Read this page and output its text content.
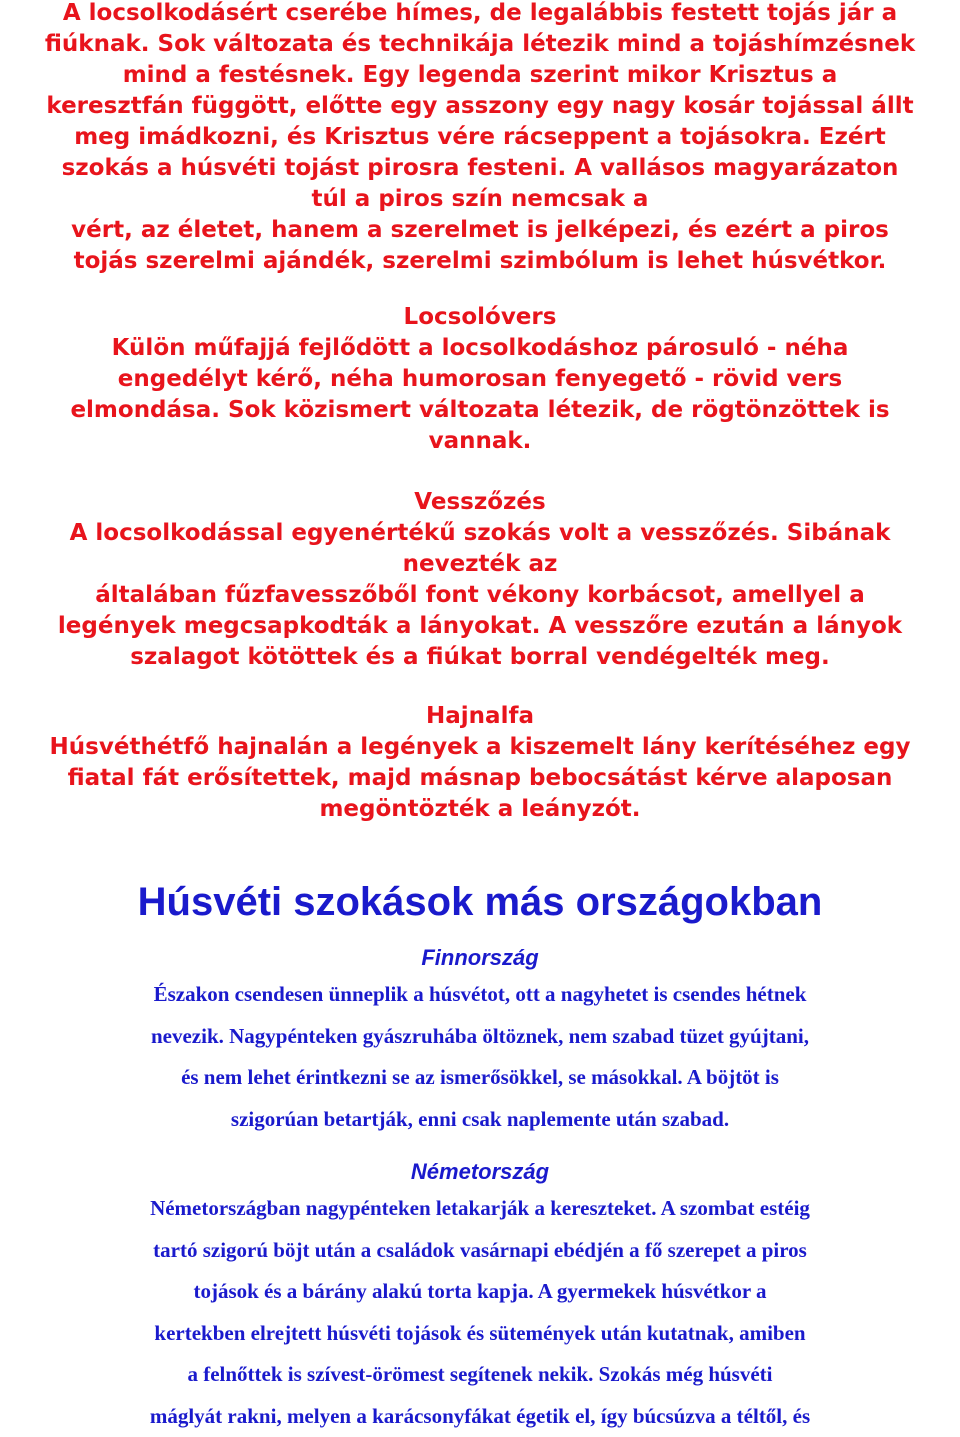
A locsolkodásért cserébe hímes, de legalábbis festett tojás jár a

fiúknak. Sok változata és technikája létezik mind a tojáshímzésnek

mind a festésnek. Egy legenda szerint mikor Krisztus a

keresztfán függött, előtte egy asszony egy nagy kosár tojással állt

meg imádkozni, és Krisztus vére rácseppent a tojásokra. Ezért

szokás a húsvéti tojást pirosra festeni. A vallásos magyarázaton

túl a piros szín nemcsak a

vért, az életet, hanem a szerelmet is jelképezi, és ezért a piros

tojás szerelmi ajándék, szerelmi szimbólum is lehet húsvétkor.

Locsolóvers

Külön műfajjá fejlődött a locsolkodáshoz párosuló - néha

engedélyt kérő, néha humorosan fenyegető - rövid vers

elmondása. Sok közismert változata létezik, de rögtönzöttek is

vannak.

Vesszőzés

A locsolkodással egyenértékű szokás volt a vesszőzés. Sibának

nevezték az

általában fűzfavesszőből font vékony korbácsot, amellyel a

legények megcsapkodták a lányokat. A vesszőre ezután a lányok

szalagot kötöttek és a fiúkat borral vendégelték meg.

Hajnalfa

Húsvéthétfő hajnalán a legények a kiszemelt lány kerítéséhez egy

fiatal fát erősítettek, majd másnap bebocsátást kérve alaposan

megöntözték a leányzót.

Húsvéti szokások más országokban
Finnország

Északon csendesen ünneplik a húsvétot, ott a nagyhetet is csendes hétnek

nevezik. Nagypénteken gyászruhába öltöznek, nem szabad tüzet gyújtani,

és nem lehet érintkezni se az ismerősökkel, se másokkal. A böjtöt is

szigorúan betartják, enni csak naplemente után szabad.

Németország

Németországban nagypénteken letakarják a kereszteket. A szombat estéig

tartó szigorú böjt után a családok vasárnapi ebédjén a fő szerepet a piros

tojások és a bárány alakú torta kapja. A gyermekek húsvétkor a

kertekben elrejtett húsvéti tojások és sütemények után kutatnak, amiben

a felnőttek is szívest-örömest segítenek nekik. Szokás még húsvéti

máglyát rakni, melyen a karácsonyfákat égetik el, így búcsúzva a téltől, és
